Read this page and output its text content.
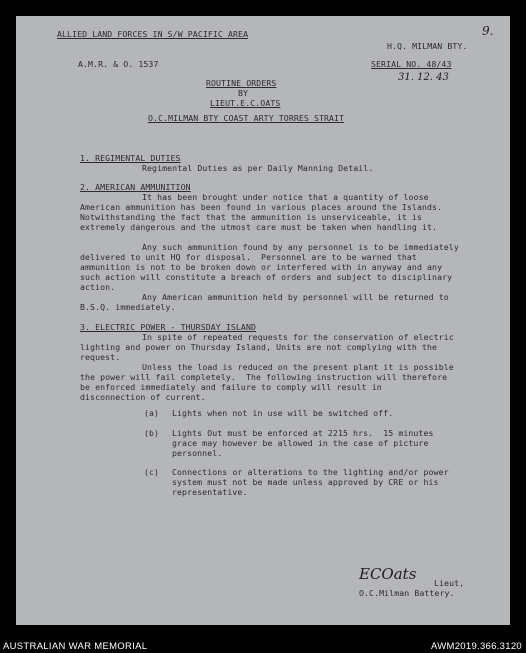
ALLIED LAND FORCES IN S/W PACIFIC AREA
H.Q. MILMAN BTY.
9.
A.M.R. & O. 1537	SERIAL NO. 48/43
31. 12. 43
ROUTINE ORDERS
BY
LIEUT.E.C.OATS
O.C.MILMAN BTY COAST ARTY TORRES STRAIT
1. REGIMENTAL DUTIES
Regimental Duties as per Daily Manning Detail.
2. AMERICAN AMMUNITION
It has been brought under notice that a quantity of loose
American ammunition has been found in various places around the Islands.
Notwithstanding the fact that the ammunition is unserviceable, it is
extremely dangerous and the utmost care must be taken when handling it.
Any such ammunition found by any personnel is to be immediately
delivered to unit HQ for disposal.  Personnel are to be warned that
ammunition is not to be broken down or interfered with in anyway and any
such action will constitute a breach of orders and subject to disciplinary
action.
Any American ammunition held by personnel will be returned to
B.S.Q. immediately.
3. ELECTRIC POWER - THURSDAY ISLAND
In spite of repeated requests for the conservation of electric
lighting and power on Thursday Island, Units are not complying with the
request.
Unless the load is reduced on the present plant it is possible
the power will fail completely.  The following instruction will therefore
be enforced immediately and failure to comply will result in
disconnection of current.
(a) Lights when not in use will be switched off.
(b) Lights Out must be enforced at 2215 hrs.  15 minutes
grace may however be allowed in the case of picture
personnel.
(c) Connections or alterations to the lighting and/or power
system must not be made unless approved by CRE or his
representative.
ECOats Lieut,
O.C.Milman Battery.
AUSTRALIAN WAR MEMORIAL	AWM2019.366.3120
